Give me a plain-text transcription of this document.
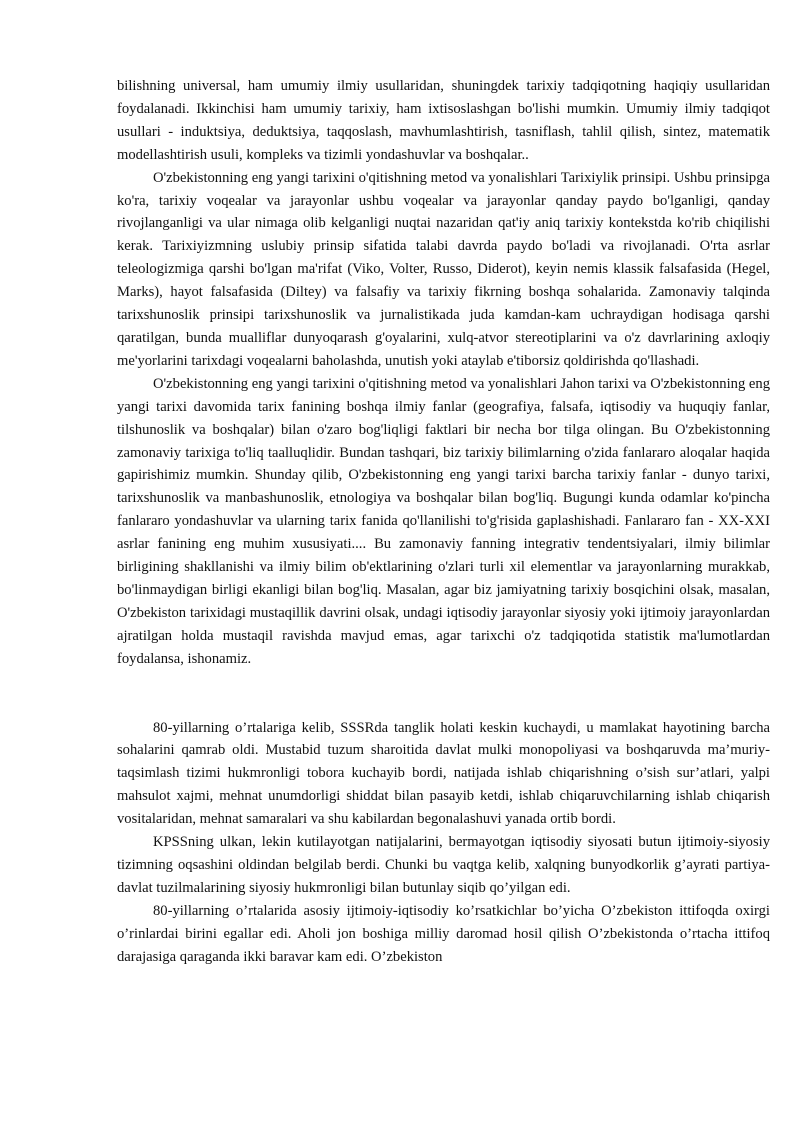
bilishning universal, ham umumiy ilmiy usullaridan, shuningdek tarixiy tadqiqotning haqiqiy usullaridan foydalanadi. Ikkinchisi ham umumiy tarixiy, ham ixtisoslashgan bo'lishi mumkin. Umumiy ilmiy tadqiqot usullari - induktsiya, deduktsiya, taqqoslash, mavhumlashtirish, tasniflash, tahlil qilish, sintez, matematik modellashtirish usuli, kompleks va tizimli yondashuvlar va boshqalar..

O'zbekistonning eng yangi tarixini o'qitishning metod va yonalishlari Tarixiylik prinsipi. Ushbu prinsipga ko'ra, tarixiy voqealar va jarayonlar ushbu voqealar va jarayonlar qanday paydo bo'lganligi, qanday rivojlanganligi va ular nimaga olib kelganligi nuqtai nazaridan qat'iy aniq tarixiy kontekstda ko'rib chiqilishi kerak. Tarixiyizmning uslubiy prinsip sifatida talabi davrda paydo bo'ladi va rivojlanadi. O'rta asrlar teleologizmiga qarshi bo'lgan ma'rifat (Viko, Volter, Russo, Diderot), keyin nemis klassik falsafasida (Hegel, Marks), hayot falsafasida (Diltey) va falsafiy va tarixiy fikrning boshqa sohalarida. Zamonaviy talqinda tarixshunoslik prinsipi tarixshunoslik va jurnalistikada juda kamdan-kam uchraydigan hodisaga qarshi qaratilgan, bunda mualliflar dunyoqarash g'oyalarini, xulq-atvor stereotiplarini va o'z davrlarining axloqiy me'yorlarini tarixdagi voqealarni baholashda, unutish yoki ataylab e'tiborsiz qoldirishda qo'llashadi.

O'zbekistonning eng yangi tarixini o'qitishning metod va yonalishlari Jahon tarixi va O'zbekistonning eng yangi tarixi davomida tarix fanining boshqa ilmiy fanlar (geografiya, falsafa, iqtisodiy va huquqiy fanlar, tilshunoslik va boshqalar) bilan o'zaro bog'liqligi faktlari bir necha bor tilga olingan. Bu O'zbekistonning zamonaviy tarixiga to'liq taalluqlidir. Bundan tashqari, biz tarixiy bilimlarning o'zida fanlararo aloqalar haqida gapirishimiz mumkin. Shunday qilib, O'zbekistonning eng yangi tarixi barcha tarixiy fanlar - dunyo tarixi, tarixshunoslik va manbashunoslik, etnologiya va boshqalar bilan bog'liq. Bugungi kunda odamlar ko'pincha fanlararo yondashuvlar va ularning tarix fanida qo'llanilishi to'g'risida gaplashishadi. Fanlararo fan - XX-XXI asrlar fanining eng muhim xususiyati.... Bu zamonaviy fanning integrativ tendentsiyalari, ilmiy bilimlar birligining shakllanishi va ilmiy bilim ob'ektlarining o'zlari turli xil elementlar va jarayonlarning murakkab, bo'linmaydigan birligi ekanligi bilan bog'liq. Masalan, agar biz jamiyatning tarixiy bosqichini olsak, masalan, O'zbekiston tarixidagi mustaqillik davrini olsak, undagi iqtisodiy jarayonlar siyosiy yoki ijtimoiy jarayonlardan ajratilgan holda mustaqil ravishda mavjud emas, agar tarixchi o'z tadqiqotida statistik ma'lumotlardan foydalansa, ishonamiz.

80-yillarning o’rtalariga kelib, SSSRda tanglik holati keskin kuchaydi, u mamlakat hayotining barcha sohalarini qamrab oldi. Mustabid tuzum sharoitida davlat mulki monopoliyasi va boshqaruvda ma’muriy-taqsimlash tizimi hukmronligi tobora kuchayib bordi, natijada ishlab chiqarishning o’sish sur’atlari, yalpi mahsulot xajmi, mehnat unumdorligi shiddat bilan pasayib ketdi, ishlab chiqaruvchilarning ishlab chiqarish vositalaridan, mehnat samaralari va shu kabilardan begonalashuvi yanada ortib bordi.

KPSSning ulkan, lekin kutilayotgan natijalarini, bermayotgan iqtisodiy siyosati butun ijtimoiy-siyosiy tizimning oqsashini oldindan belgilab berdi. Chunki bu vaqtga kelib, xalqning bunyodkorlik g’ayrati partiya-davlat tuzilmalarining siyosiy hukmronligi bilan butunlay siqib qo’yilgan edi.

80-yillarning o’rtalarida asosiy ijtimoiy-iqtisodiy ko’rsatkichlar bo’yicha O’zbekiston ittifoqda oxirgi o’rinlardai birini egallar edi. Aholi jon boshiga milliy daromad hosil qilish O’zbekistonda o’rtacha ittifoq darajasiga qaraganda ikki baravar kam edi. O’zbekiston
